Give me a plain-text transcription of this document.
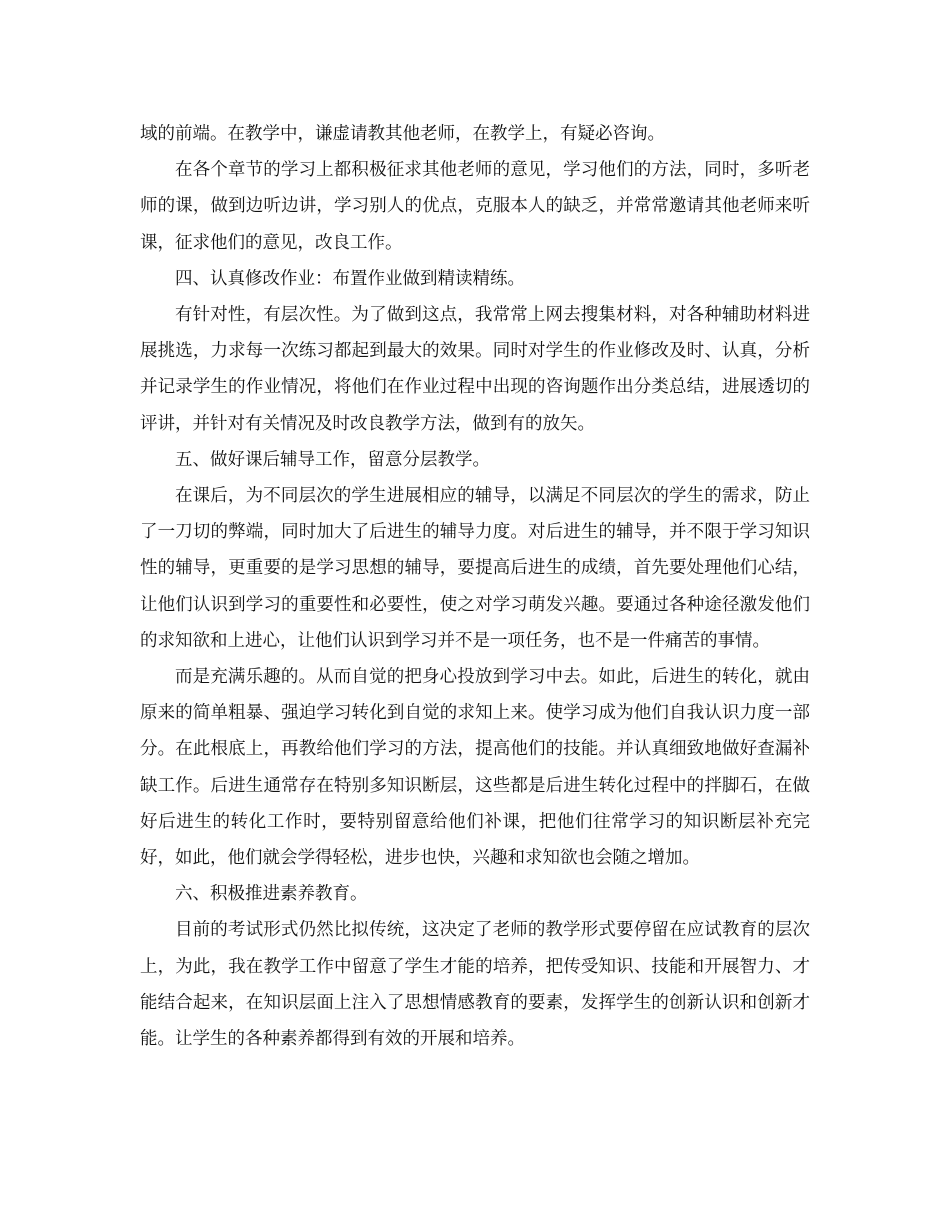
域的前端。在教学中，谦虚请教其他老师，在教学上，有疑必咨询。

在各个章节的学习上都积极征求其他老师的意见，学习他们的方法，同时，多听老师的课，做到边听边讲，学习别人的优点，克服本人的缺乏，并常常邀请其他老师来听课，征求他们的意见，改良工作。

四、认真修改作业：布置作业做到精读精练。

有针对性，有层次性。为了做到这点，我常常上网去搜集材料，对各种辅助材料进展挑选，力求每一次练习都起到最大的效果。同时对学生的作业修改及时、认真，分析并记录学生的作业情况，将他们在作业过程中出现的咨询题作出分类总结，进展透切的评讲，并针对有关情况及时改良教学方法，做到有的放矢。

五、做好课后辅导工作，留意分层教学。

在课后，为不同层次的学生进展相应的辅导，以满足不同层次的学生的需求，防止了一刀切的弊端，同时加大了后进生的辅导力度。对后进生的辅导，并不限于学习知识性的辅导，更重要的是学习思想的辅导，要提高后进生的成绩，首先要处理他们心结，让他们认识到学习的重要性和必要性，使之对学习萌发兴趣。要通过各种途径激发他们的求知欲和上进心，让他们认识到学习并不是一项任务，也不是一件痛苦的事情。

而是充满乐趣的。从而自觉的把身心投放到学习中去。如此，后进生的转化，就由原来的简单粗暴、强迫学习转化到自觉的求知上来。使学习成为他们自我认识力度一部分。在此根底上，再教给他们学习的方法，提高他们的技能。并认真细致地做好查漏补缺工作。后进生通常存在特别多知识断层，这些都是后进生转化过程中的拌脚石，在做好后进生的转化工作时，要特别留意给他们补课，把他们往常学习的知识断层补充完好，如此，他们就会学得轻松，进步也快，兴趣和求知欲也会随之增加。

六、积极推进素养教育。

目前的考试形式仍然比拟传统，这决定了老师的教学形式要停留在应试教育的层次上，为此，我在教学工作中留意了学生才能的培养，把传受知识、技能和开展智力、才能结合起来，在知识层面上注入了思想情感教育的要素，发挥学生的创新认识和创新才能。让学生的各种素养都得到有效的开展和培养。
